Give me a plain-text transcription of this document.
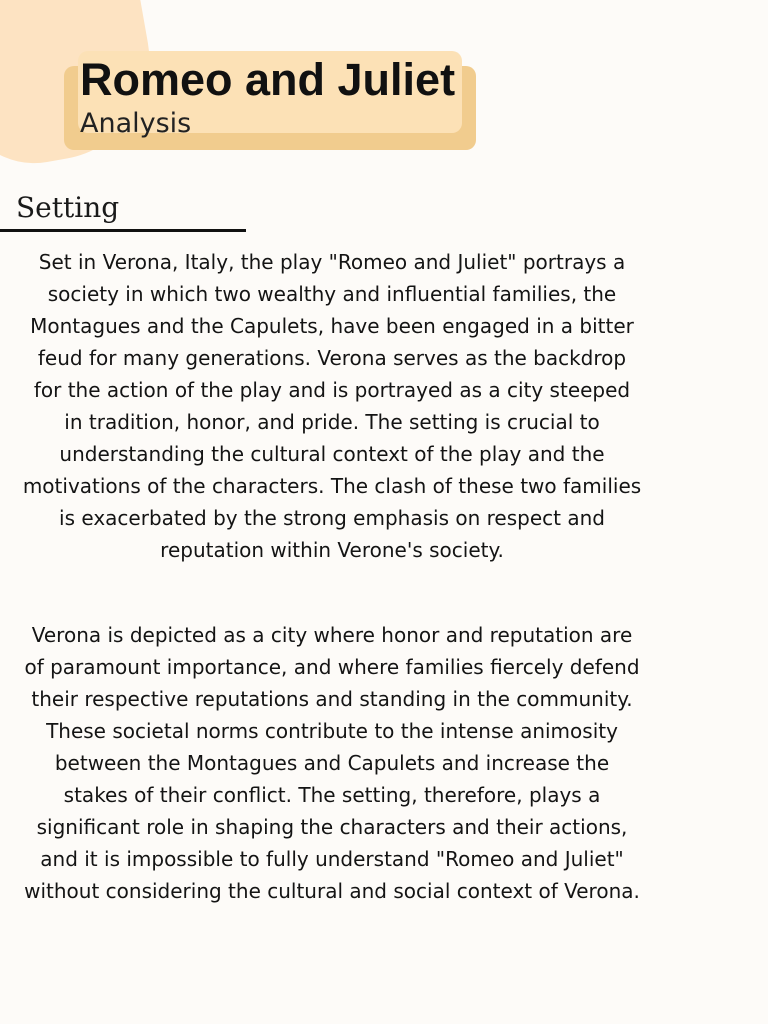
Romeo and Juliet
Analysis
Setting

Set in Verona, Italy, the play "Romeo and Juliet" portrays a society in which two wealthy and influential families, the Montagues and the Capulets, have been engaged in a bitter feud for many generations. Verona serves as the backdrop for the action of the play and is portrayed as a city steeped in tradition, honor, and pride. The setting is crucial to understanding the cultural context of the play and the motivations of the characters. The clash of these two families is exacerbated by the strong emphasis on respect and reputation within Verone's society.

Verona is depicted as a city where honor and reputation are of paramount importance, and where families fiercely defend their respective reputations and standing in the community. These societal norms contribute to the intense animosity between the Montagues and Capulets and increase the stakes of their conflict. The setting, therefore, plays a significant role in shaping the characters and their actions, and it is impossible to fully understand "Romeo and Juliet" without considering the cultural and social context of Verona.
